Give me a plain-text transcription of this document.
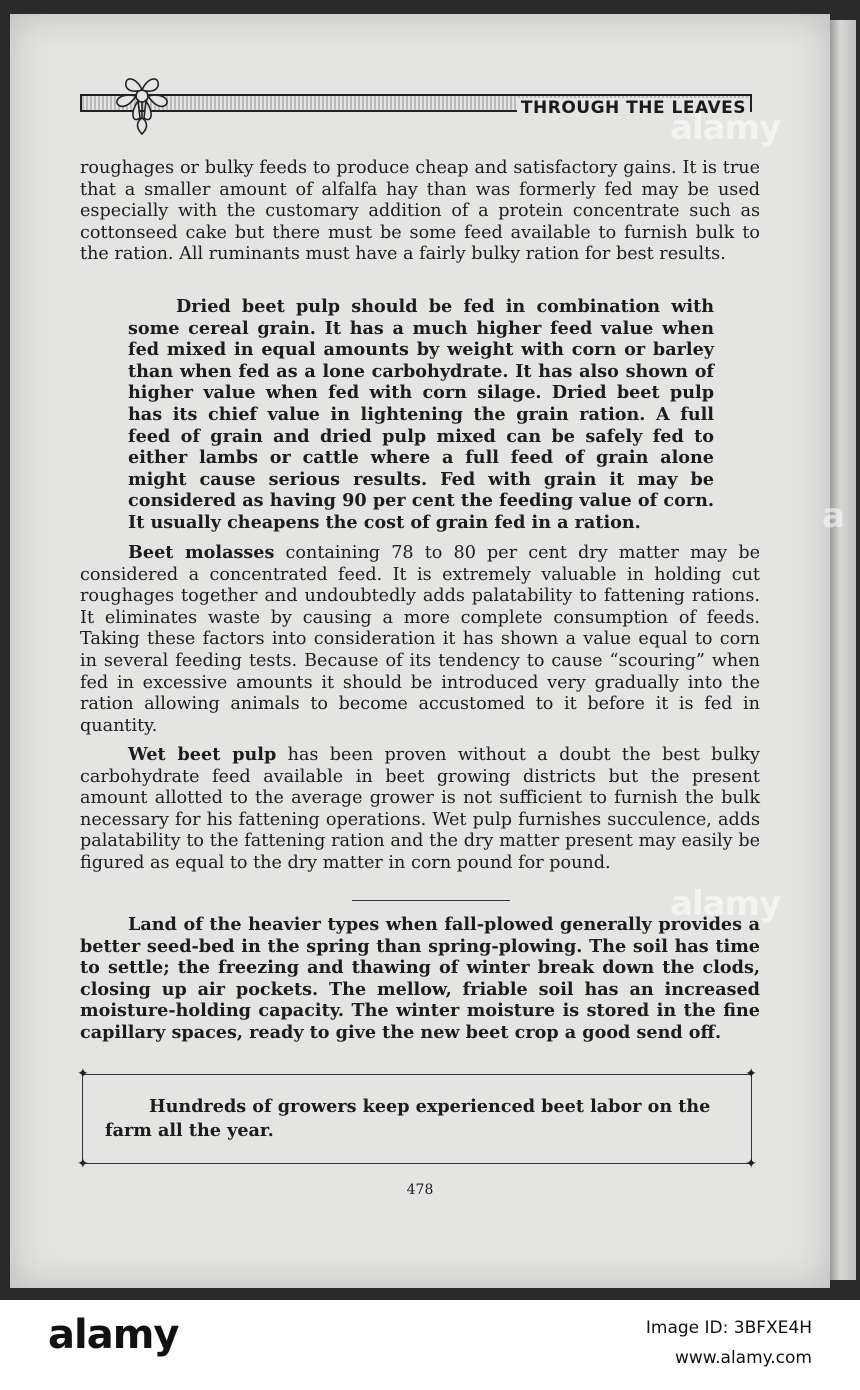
THROUGH THE LEAVES

roughages or bulky feeds to produce cheap and satisfactory gains. It is true that a smaller amount of alfalfa hay than was formerly fed may be used especially with the customary addition of a protein concentrate such as cottonseed cake but there must be some feed available to furnish bulk to the ration. All ruminants must have a fairly bulky ration for best results.

Dried beet pulp should be fed in combination with some cereal grain. It has a much higher feed value when fed mixed in equal amounts by weight with corn or barley than when fed as a lone carbohydrate. It has also shown of higher value when fed with corn silage. Dried beet pulp has its chief value in lightening the grain ration. A full feed of grain and dried pulp mixed can be safely fed to either lambs or cattle where a full feed of grain alone might cause serious results. Fed with grain it may be considered as having 90 per cent the feeding value of corn. It usually cheapens the cost of grain fed in a ration.

Beet molasses containing 78 to 80 per cent dry matter may be considered a concentrated feed. It is extremely valuable in holding cut roughages together and undoubtedly adds palatability to fattening rations. It eliminates waste by causing a more complete consumption of feeds. Taking these factors into consideration it has shown a value equal to corn in several feeding tests. Because of its tendency to cause “scouring” when fed in excessive amounts it should be introduced very gradually into the ration allowing animals to become accustomed to it before it is fed in quantity.

Wet beet pulp has been proven without a doubt the best bulky carbohydrate feed available in beet growing districts but the present amount allotted to the average grower is not sufficient to furnish the bulk necessary for his fattening operations. Wet pulp furnishes succulence, adds palatability to the fattening ration and the dry matter present may easily be figured as equal to the dry matter in corn pound for pound.

Land of the heavier types when fall-plowed generally provides a better seed-bed in the spring than spring-plowing. The soil has time to settle; the freezing and thawing of winter break down the clods, closing up air pockets. The mellow, friable soil has an increased moisture-holding capacity. The winter moisture is stored in the fine capillary spaces, ready to give the new beet crop a good send off.

✦	✦
✦	✦
Hundreds of growers keep experienced beet labor on the farm all the year.
478
alamy
alamy
a
alamy	Image ID: 3BFXE4H
www.alamy.com
